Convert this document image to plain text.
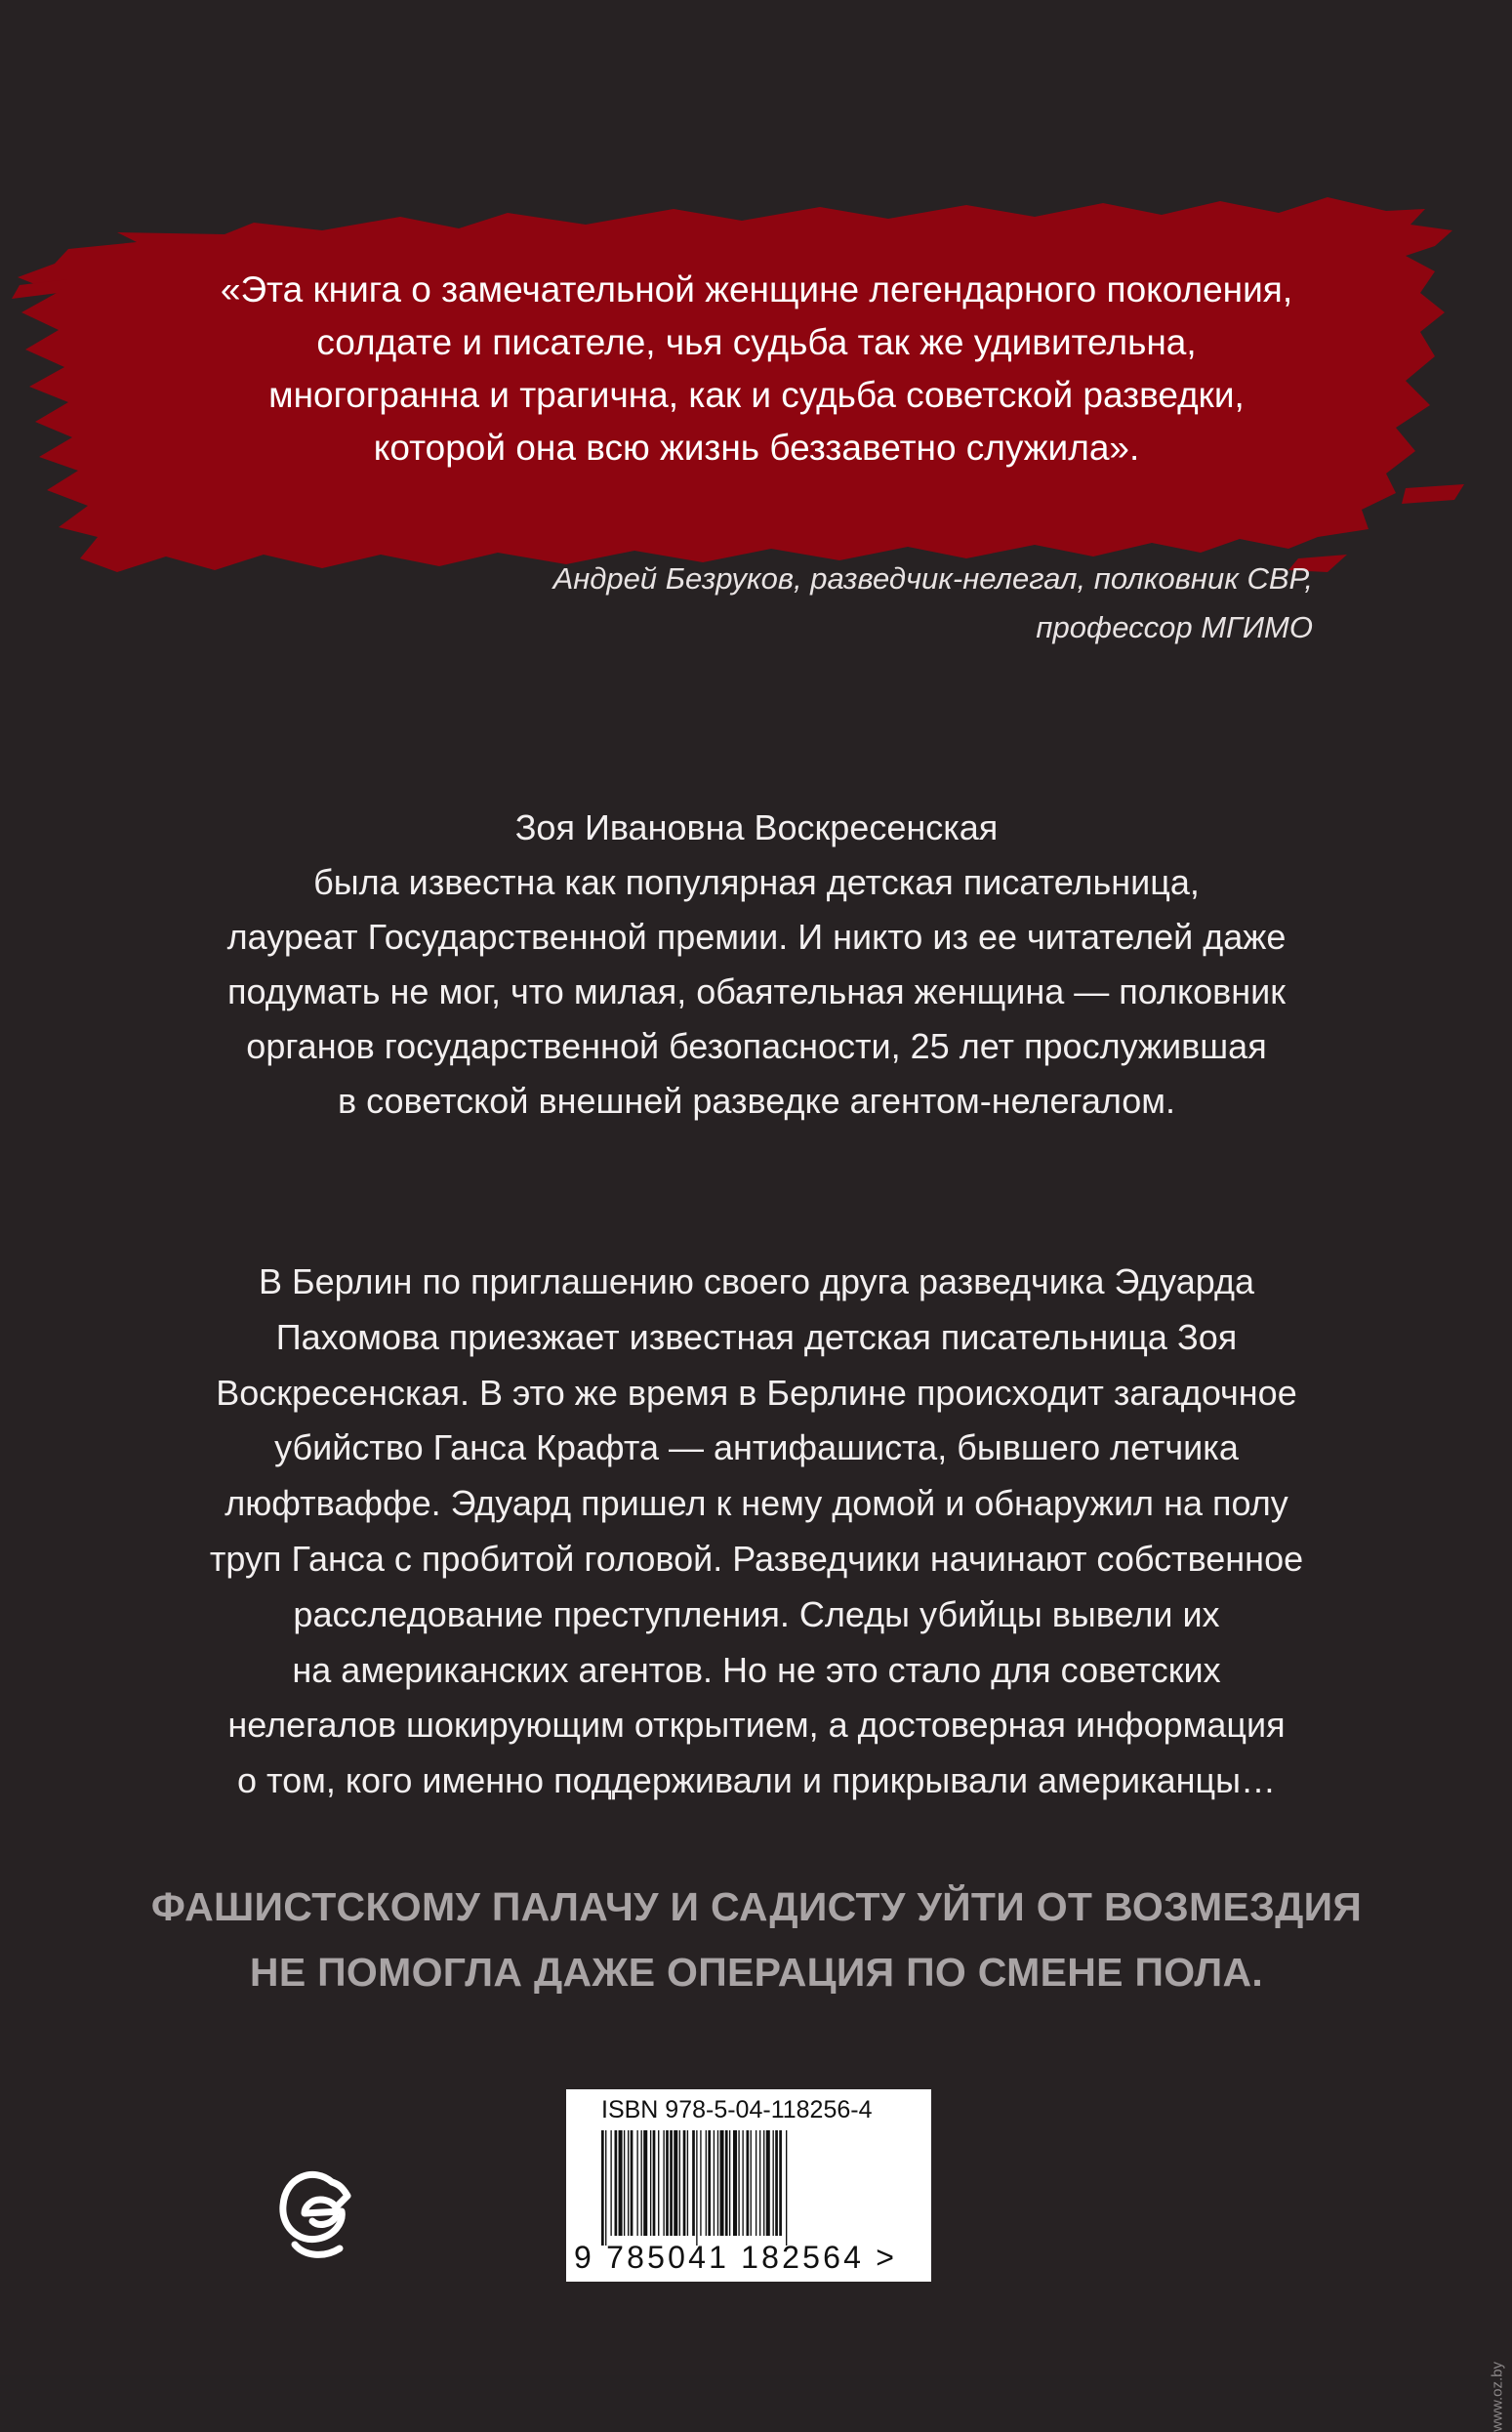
«Эта книга о замечательной женщине легендарного поколения,
солдате и писателе, чья судьба так же удивительна,
многогранна и трагична, как и судьба советской разведки,
которой она всю жизнь беззаветно служила».
Андрей Безруков, разведчик-нелегал, полковник СВР,
профессор МГИМО
Зоя Ивановна Воскресенская
была известна как популярная детская писательница,
лауреат Государственной премии. И никто из ее читателей даже
подумать не мог, что милая, обаятельная женщина — полковник
органов государственной безопасности, 25 лет прослужившая
в советской внешней разведке агентом-нелегалом.
В Берлин по приглашению своего друга разведчика Эдуарда
Пахомова приезжает известная детская писательница Зоя
Воскресенская. В это же время в Берлине происходит загадочное
убийство Ганса Крафта — антифашиста, бывшего летчика
люфтваффе. Эдуард пришел к нему домой и обнаружил на полу
труп Ганса с пробитой головой. Разведчики начинают собственное
расследование преступления. Следы убийцы вывели их
на американских агентов. Но не это стало для советских
нелегалов шокирующим открытием, а достоверная информация
о том, кого именно поддерживали и прикрывали американцы…
ФАШИСТСКОМУ ПАЛАЧУ И САДИСТУ УЙТИ ОТ ВОЗМЕЗДИЯ
НЕ ПОМОГЛА ДАЖЕ ОПЕРАЦИЯ ПО СМЕНЕ ПОЛА.
ISBN 978-5-04-118256-4
9 785041 182564 >
www.oz.by
